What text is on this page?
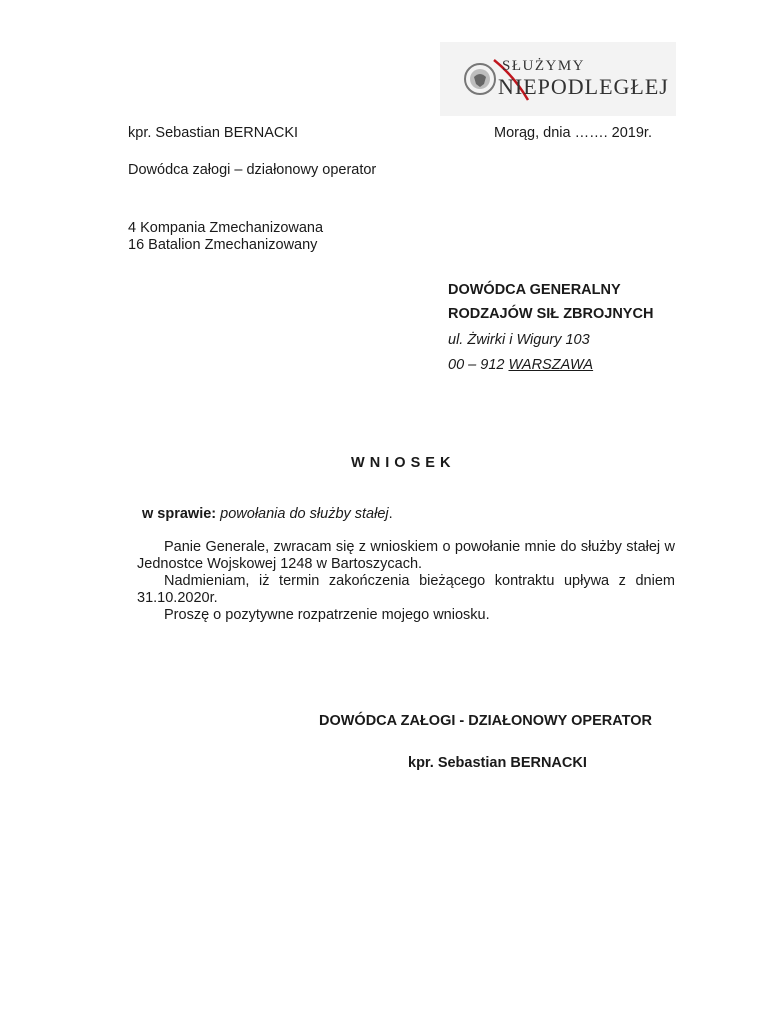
SŁUŻYMY
NIEPODLEGŁEJ
kpr. Sebastian BERNACKI	Morąg, dnia ……. 2019r.
Dowódca załogi – działonowy operator
4 Kompania Zmechanizowana
16 Batalion Zmechanizowany
DOWÓDCA GENERALNY
RODZAJÓW SIŁ ZBROJNYCH
ul. Żwirki i Wigury 103
00 – 912 WARSZAWA
W N I O S E K
w sprawie: powołania do służby stałej.
Panie Generale, zwracam się z wnioskiem o powołanie mnie do służby stałej w Jednostce Wojskowej 1248 w Bartoszycach.
Nadmieniam, iż termin zakończenia bieżącego kontraktu upływa z dniem 31.10.2020r.
Proszę o pozytywne rozpatrzenie mojego wniosku.
DOWÓDCA ZAŁOGI - DZIAŁONOWY OPERATOR
kpr. Sebastian BERNACKI
